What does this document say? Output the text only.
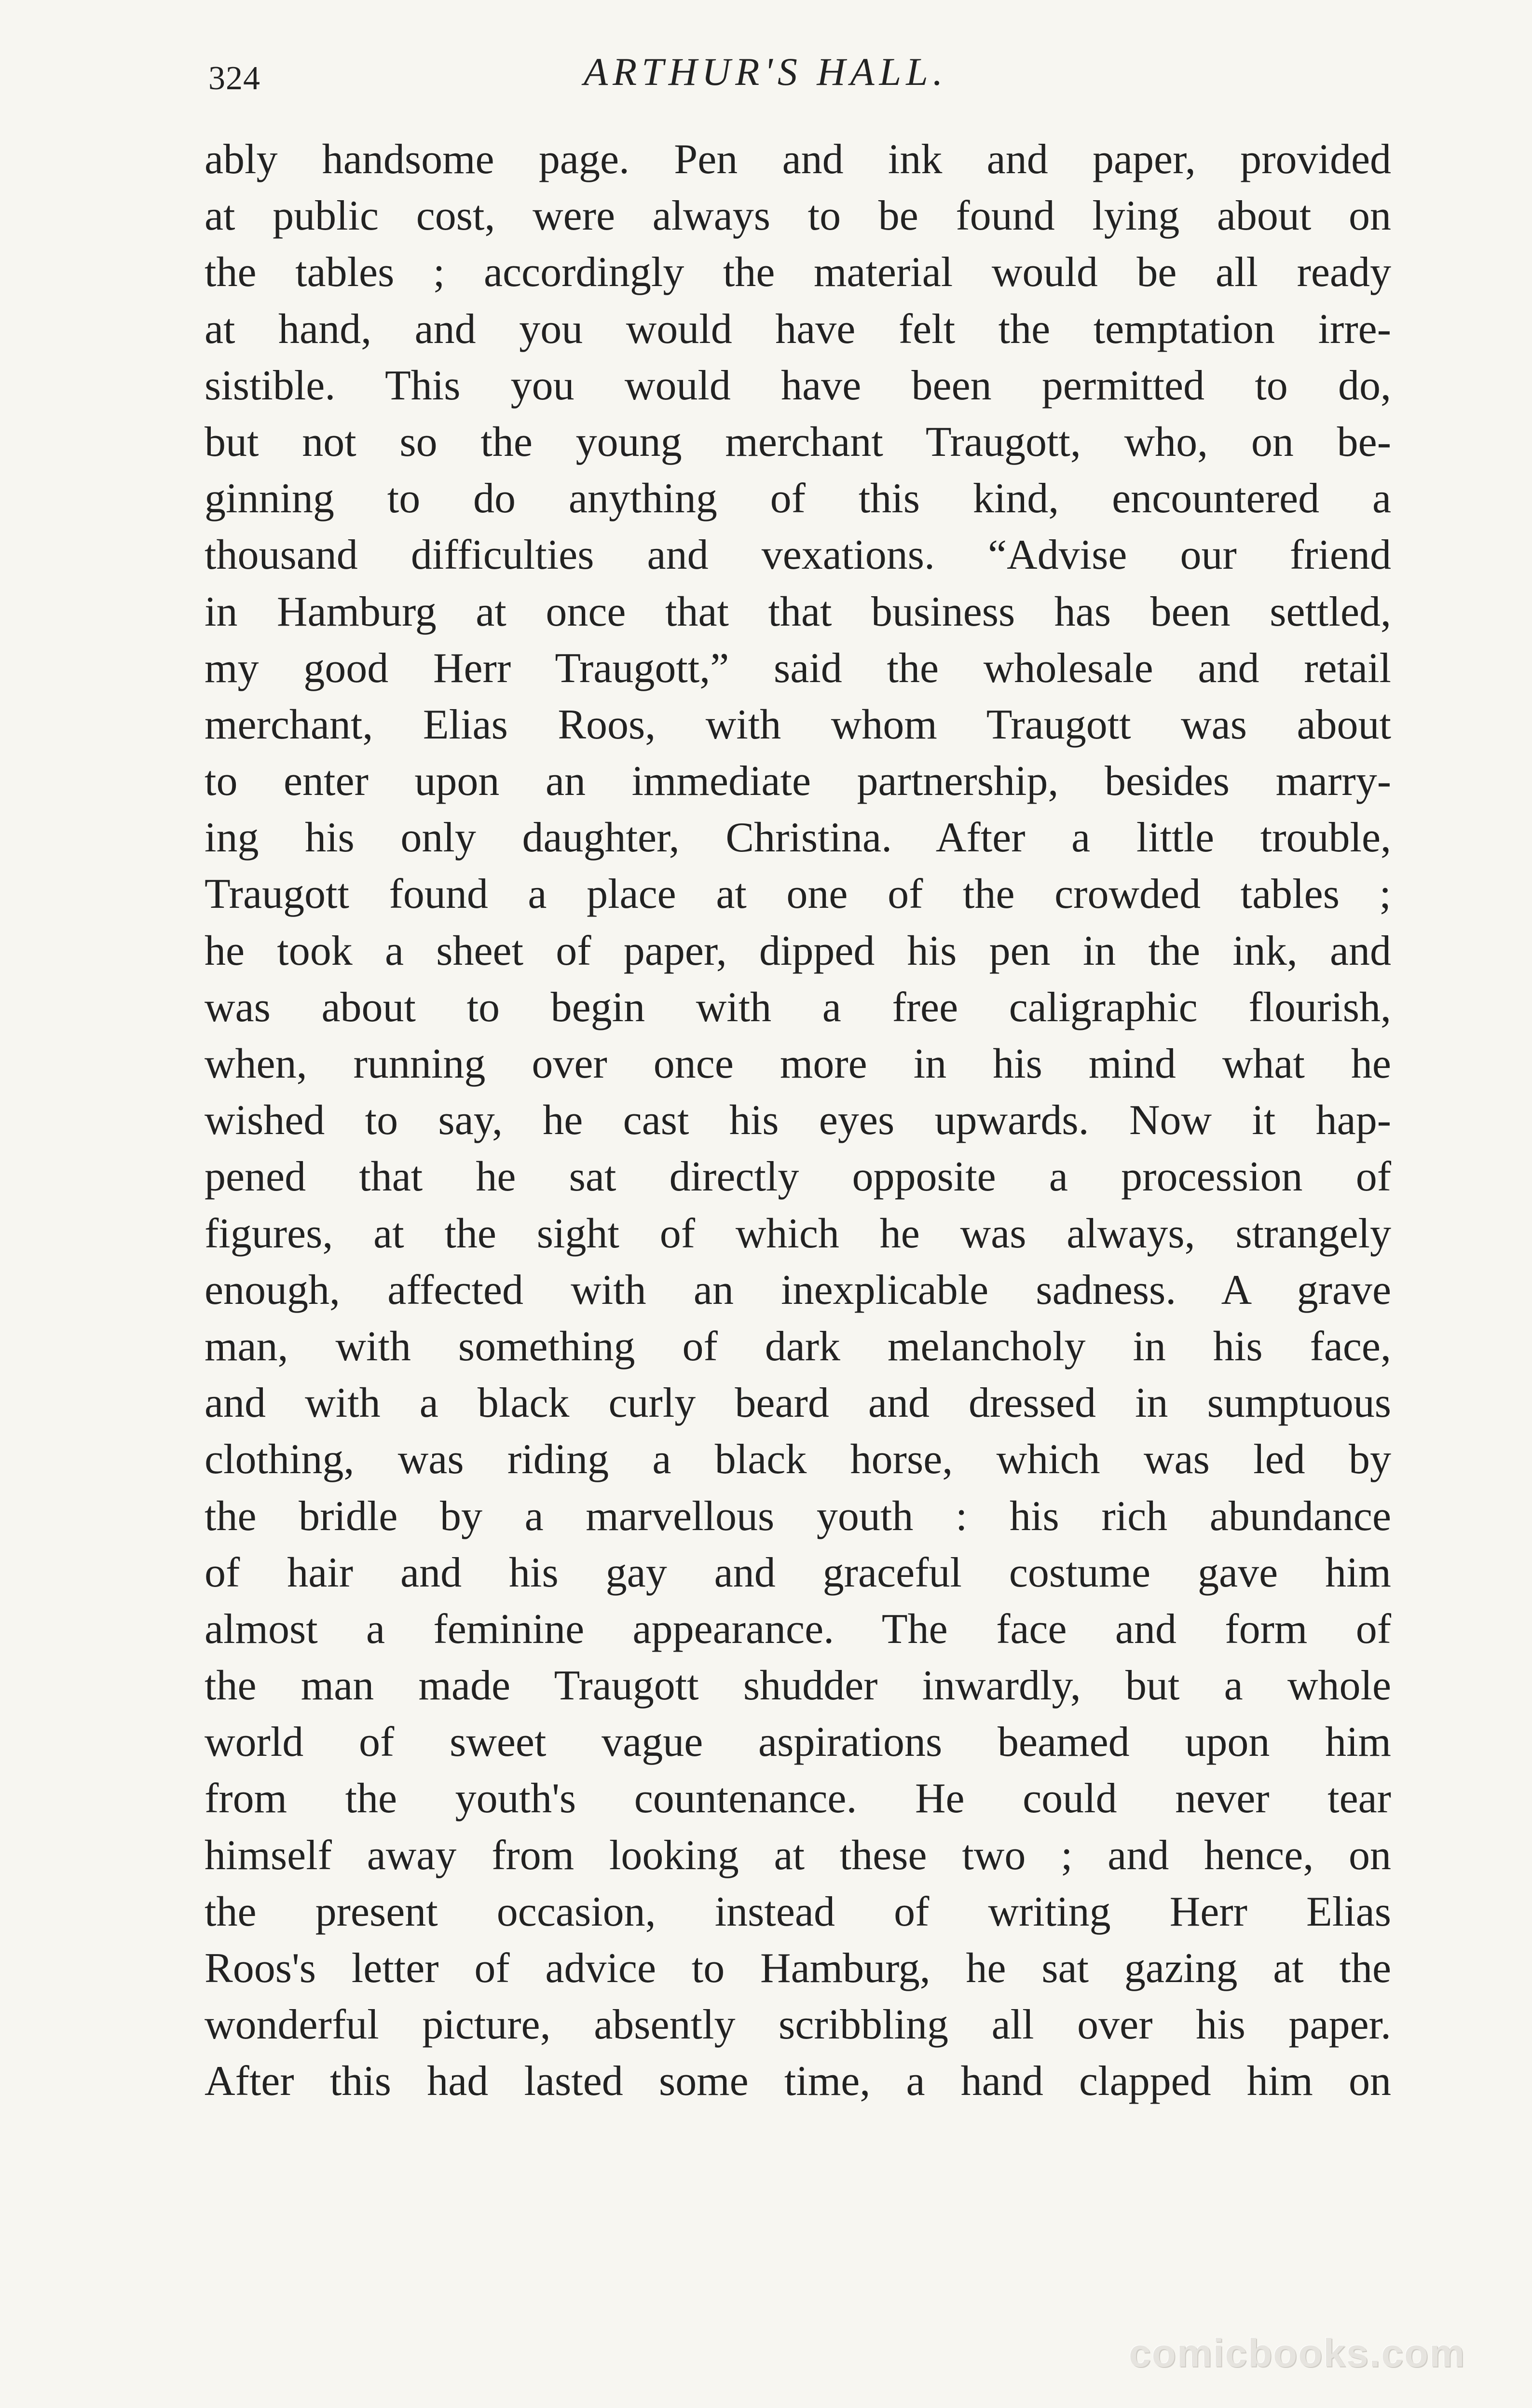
324	ARTHUR'S HALL.
ably handsome page. Pen and ink and paper, provided
at public cost, were always to be found lying about on
the tables ; accordingly the material would be all ready
at hand, and you would have felt the temptation irre-
sistible. This you would have been permitted to do,
but not so the young merchant Traugott, who, on be-
ginning to do anything of this kind, encountered a
thousand difficulties and vexations. “Advise our friend
in Hamburg at once that that business has been settled,
my good Herr Traugott,” said the wholesale and retail
merchant, Elias Roos, with whom Traugott was about
to enter upon an immediate partnership, besides marry-
ing his only daughter, Christina. After a little trouble,
Traugott found a place at one of the crowded tables ;
he took a sheet of paper, dipped his pen in the ink, and
was about to begin with a free caligraphic flourish,
when, running over once more in his mind what he
wished to say, he cast his eyes upwards. Now it hap-
pened that he sat directly opposite a procession of
figures, at the sight of which he was always, strangely
enough, affected with an inexplicable sadness. A grave
man, with something of dark melancholy in his face,
and with a black curly beard and dressed in sumptuous
clothing, was riding a black horse, which was led by
the bridle by a marvellous youth : his rich abundance
of hair and his gay and graceful costume gave him
almost a feminine appearance. The face and form of
the man made Traugott shudder inwardly, but a whole
world of sweet vague aspirations beamed upon him
from the youth's countenance. He could never tear
himself away from looking at these two ; and hence, on
the present occasion, instead of writing Herr Elias
Roos's letter of advice to Hamburg, he sat gazing at the
wonderful picture, absently scribbling all over his paper.
After this had lasted some time, a hand clapped him on
comicbooks.com
